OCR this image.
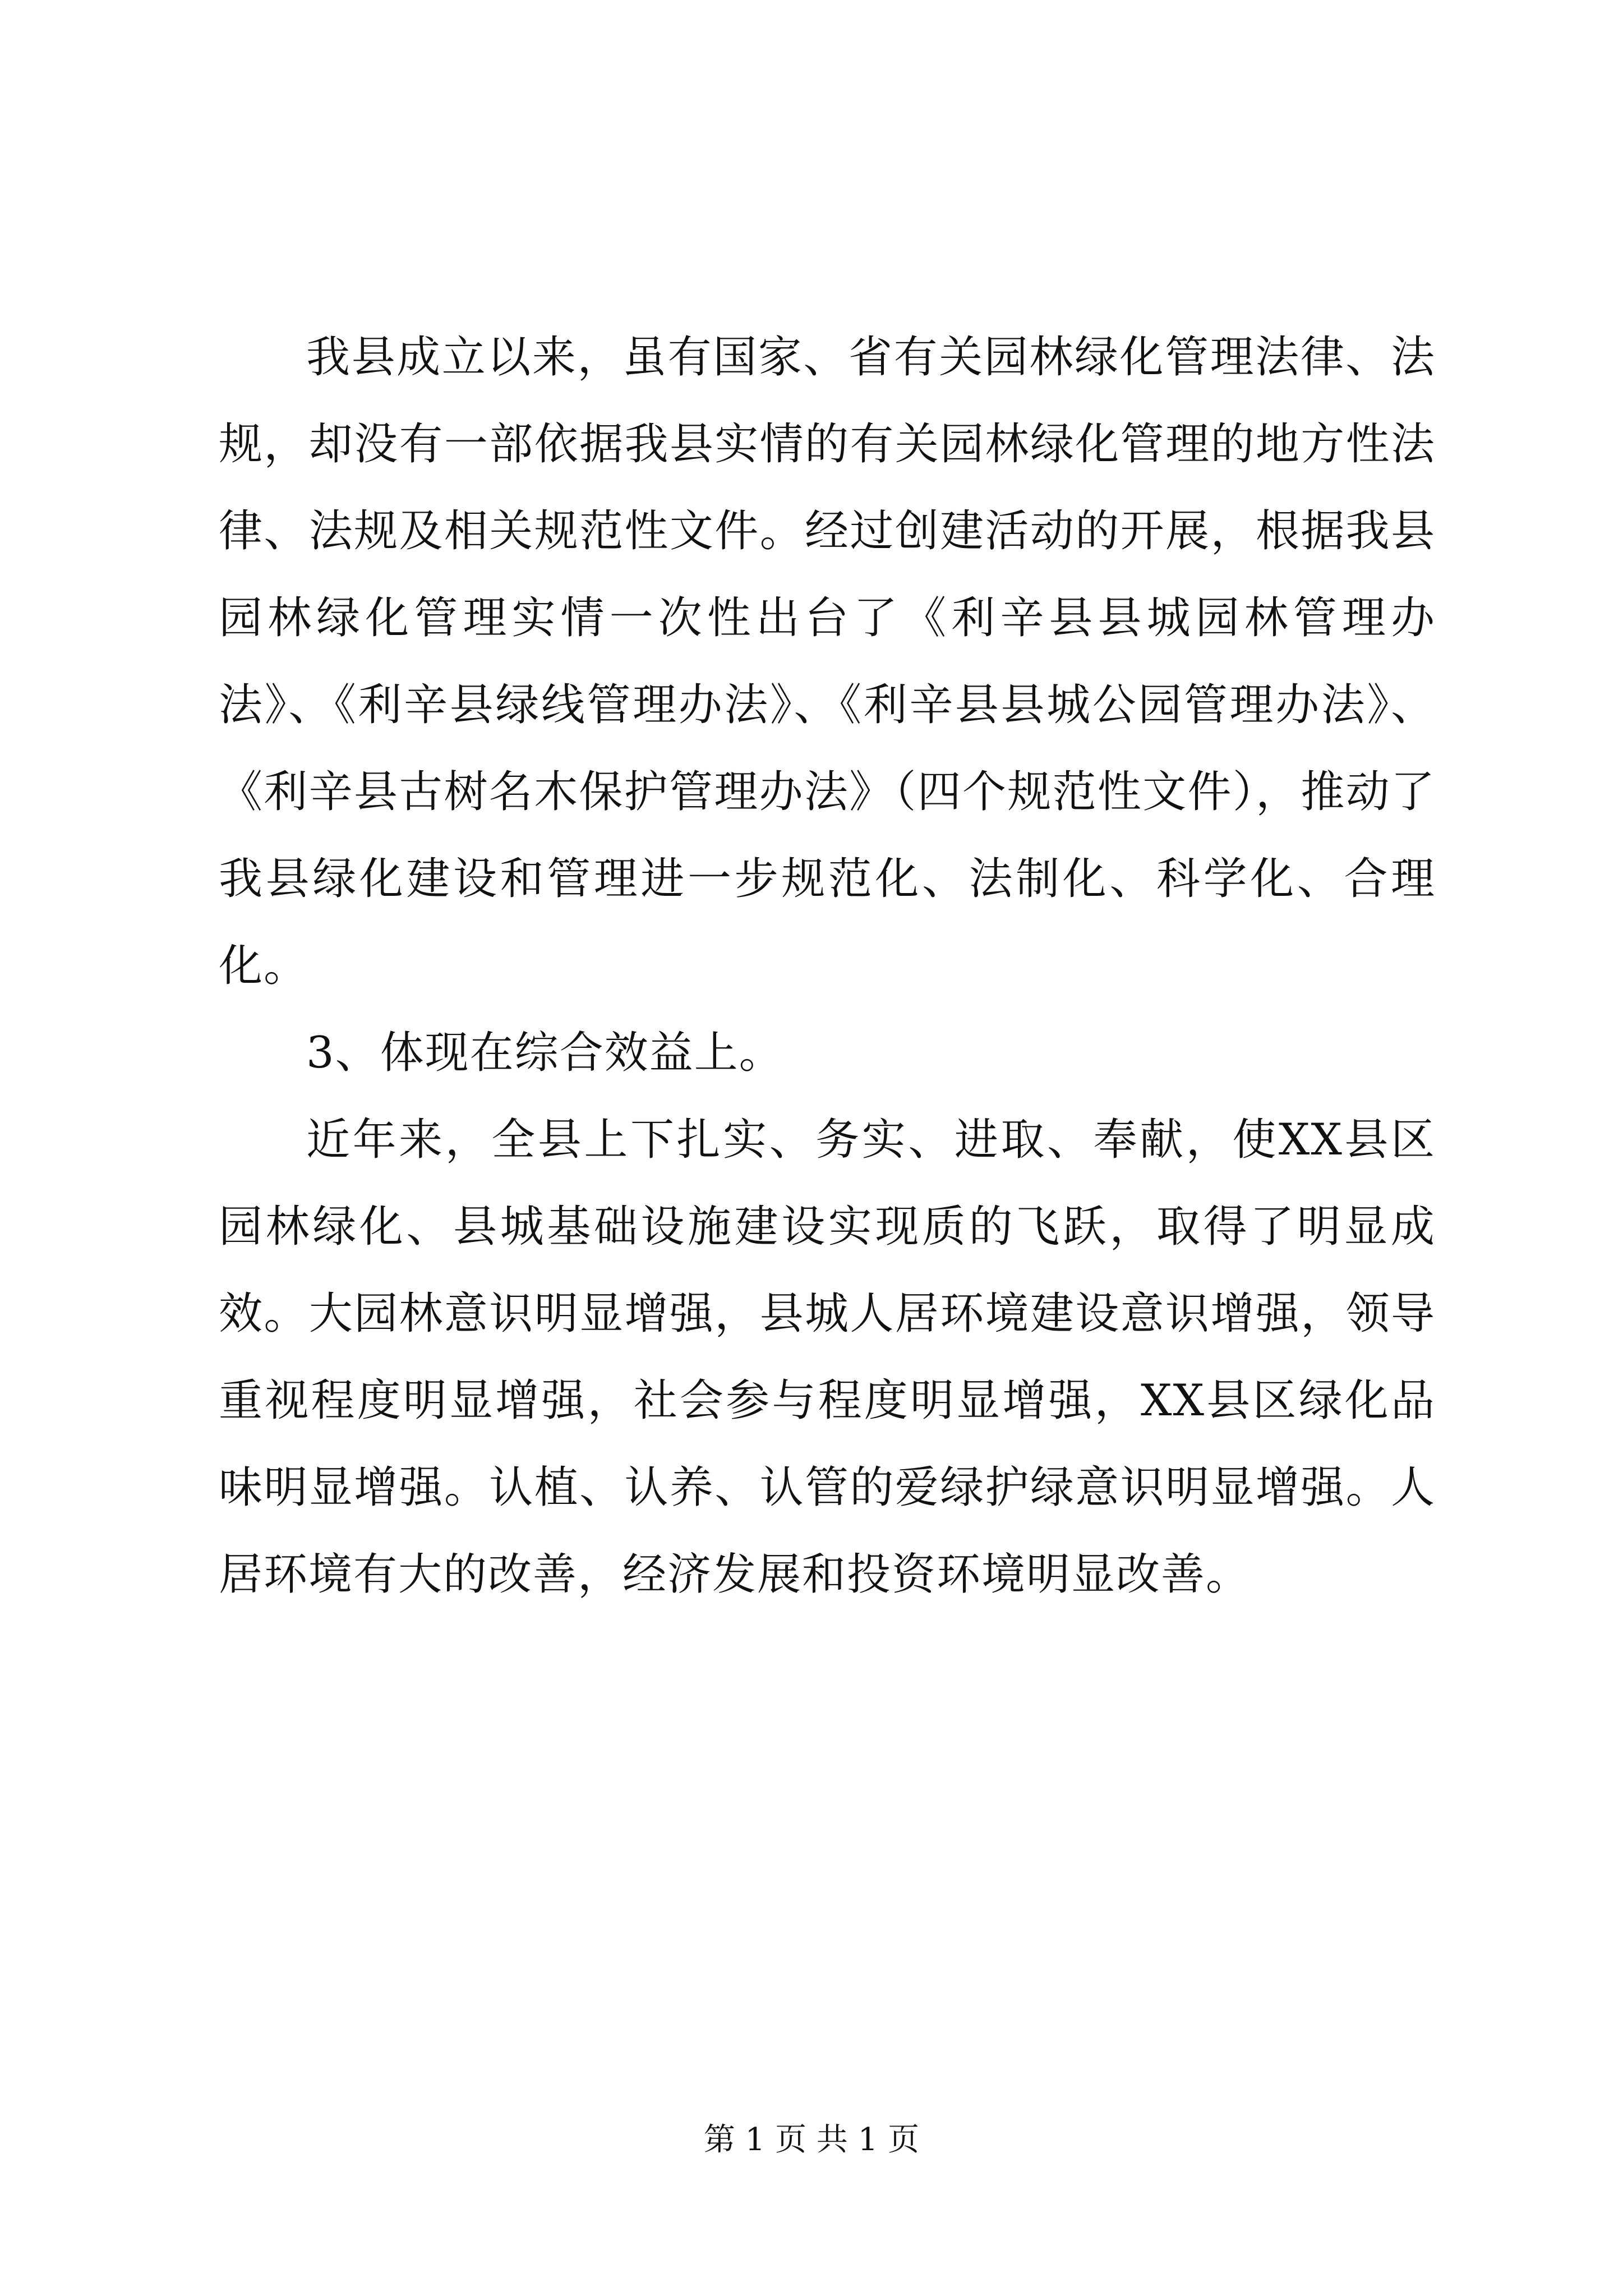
我县成立以来，虽有国家、省有关园林绿化管理法律、法规，却没有一部依据我县实情的有关园林绿化管理的地方性法律、法规及相关规范性文件。经过创建活动的开展，根据我县园林绿化管理实情一次性出台了《利辛县县城园林管理办法》、《利辛县绿线管理办法》、《利辛县县城公园管理办法》、《利辛县古树名木保护管理办法》（四个规范性文件），推动了我县绿化建设和管理进一步规范化、法制化、科学化、合理化。

3、体现在综合效益上。

近年来，全县上下扎实、务实、进取、奉献，使XX县区园林绿化、县城基础设施建设实现质的飞跃，取得了明显成效。大园林意识明显增强，县城人居环境建设意识增强，领导重视程度明显增强，社会参与程度明显增强，XX县区绿化品味明显增强。认植、认养、认管的爱绿护绿意识明显增强。人居环境有大的改善，经济发展和投资环境明显改善。

第 1 页 共 1 页
